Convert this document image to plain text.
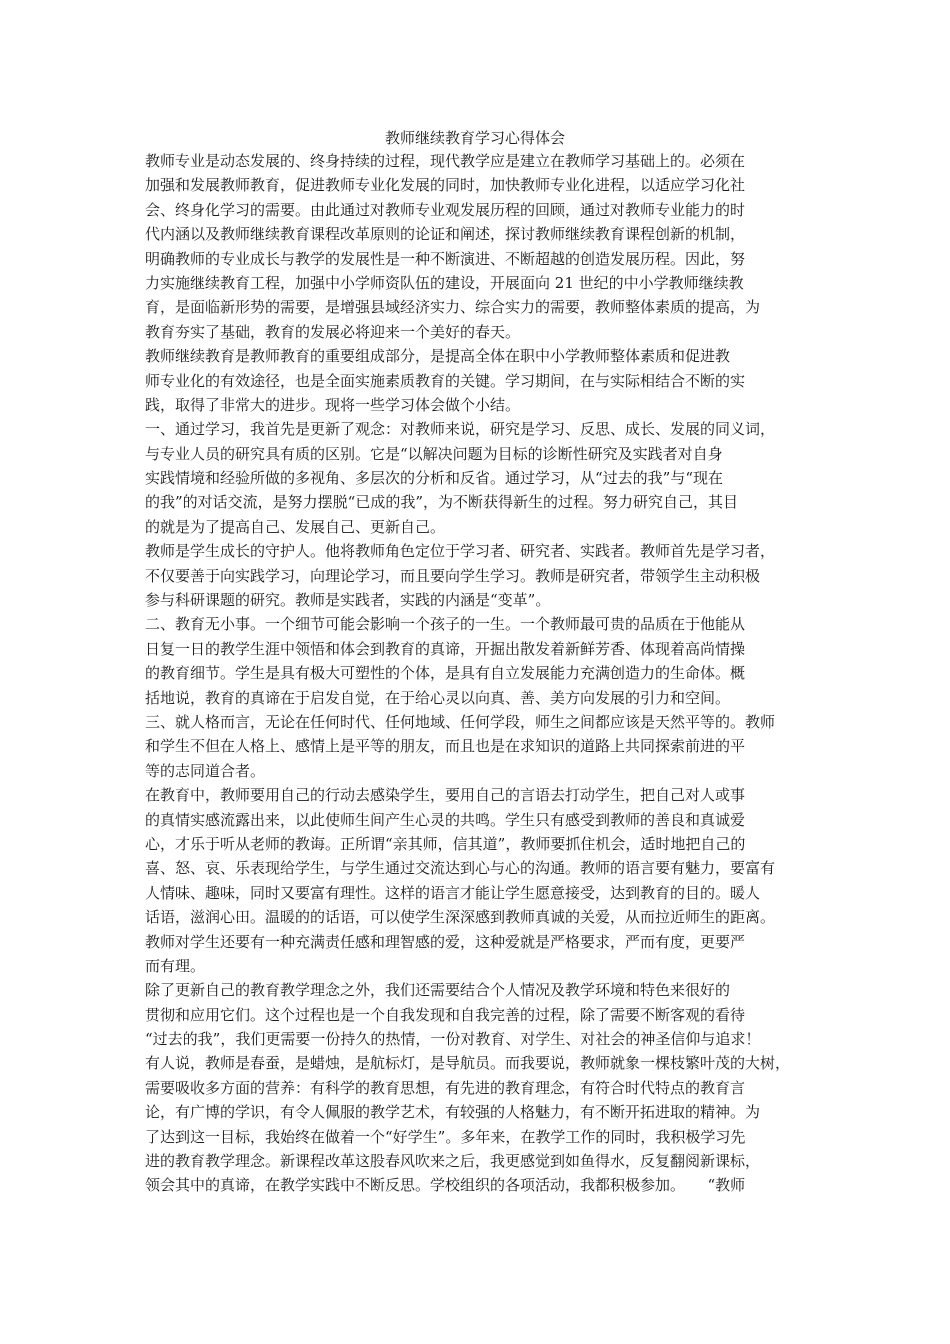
教师继续教育学习心得体会
教师专业是动态发展的、终身持续的过程，现代教学应是建立在教师学习基础上的。必须在
加强和发展教师教育，促进教师专业化发展的同时，加快教师专业化进程，以适应学习化社
会、终身化学习的需要。由此通过对教师专业观发展历程的回顾，通过对教师专业能力的时
代内涵以及教师继续教育课程改革原则的论证和阐述，探讨教师继续教育课程创新的机制，
明确教师的专业成长与教学的发展性是一种不断演进、不断超越的创造发展历程。因此，努
力实施继续教育工程，加强中小学师资队伍的建设，开展面向 21 世纪的中小学教师继续教
育，是面临新形势的需要，是增强县域经济实力、综合实力的需要，教师整体素质的提高，为
教育夯实了基础，教育的发展必将迎来一个美好的春天。
教师继续教育是教师教育的重要组成部分，是提高全体在职中小学教师整体素质和促进教
师专业化的有效途径，也是全面实施素质教育的关键。学习期间，在与实际相结合不断的实
践，取得了非常大的进步。现将一些学习体会做个小结。
一、通过学习，我首先是更新了观念：对教师来说，研究是学习、反思、成长、发展的同义词，
与专业人员的研究具有质的区别。它是“以解决问题为目标的诊断性研究及实践者对自身
实践情境和经验所做的多视角、多层次的分析和反省。通过学习，从“过去的我”与“现在
的我”的对话交流，是努力摆脱“已成的我”，为不断获得新生的过程。努力研究自己，其目
的就是为了提高自己、发展自己、更新自己。
教师是学生成长的守护人。他将教师角色定位于学习者、研究者、实践者。教师首先是学习者，
不仅要善于向实践学习，向理论学习，而且要向学生学习。教师是研究者，带领学生主动积极
参与科研课题的研究。教师是实践者，实践的内涵是“变革”。
二、教育无小事。一个细节可能会影响一个孩子的一生。一个教师最可贵的品质在于他能从
日复一日的教学生涯中领悟和体会到教育的真谛，开掘出散发着新鲜芳香、体现着高尚情操
的教育细节。学生是具有极大可塑性的个体，是具有自立发展能力充满创造力的生命体。概
括地说，教育的真谛在于启发自觉，在于给心灵以向真、善、美方向发展的引力和空间。
三、就人格而言，无论在任何时代、任何地域、任何学段，师生之间都应该是天然平等的。教师
和学生不但在人格上、感情上是平等的朋友，而且也是在求知识的道路上共同探索前进的平
等的志同道合者。
在教育中，教师要用自己的行动去感染学生，要用自己的言语去打动学生，把自己对人或事
的真情实感流露出来，以此使师生间产生心灵的共鸣。学生只有感受到教师的善良和真诚爱
心，才乐于听从老师的教诲。正所谓“亲其师，信其道”，教师要抓住机会，适时地把自己的
喜、怒、哀、乐表现给学生，与学生通过交流达到心与心的沟通。教师的语言要有魅力，要富有
人情味、趣味，同时又要富有理性。这样的语言才能让学生愿意接受，达到教育的目的。暖人
话语，滋润心田。温暖的的话语，可以使学生深深感到教师真诚的关爱，从而拉近师生的距离。
教师对学生还要有一种充满责任感和理智感的爱，这种爱就是严格要求，严而有度，更要严
而有理。
除了更新自己的教育教学理念之外，我们还需要结合个人情况及教学环境和特色来很好的
贯彻和应用它们。这个过程也是一个自我发现和自我完善的过程，除了需要不断客观的看待
“过去的我”，我们更需要一份持久的热情，一份对教育、对学生、对社会的神圣信仰与追求！
有人说，教师是春蚕，是蜡烛，是航标灯，是导航员。而我要说，教师就象一棵枝繁叶茂的大树，
需要吸收多方面的营养：有科学的教育思想，有先进的教育理念，有符合时代特点的教育言
论，有广博的学识，有令人佩服的教学艺术，有较强的人格魅力，有不断开拓进取的精神。为
了达到这一目标，我始终在做着一个“好学生”。多年来，在教学工作的同时，我积极学习先
进的教育教学理念。新课程改革这股春风吹来之后，我更感觉到如鱼得水，反复翻阅新课标，
领会其中的真谛，在教学实践中不断反思。学校组织的各项活动，我都积极参加。　　“教师
